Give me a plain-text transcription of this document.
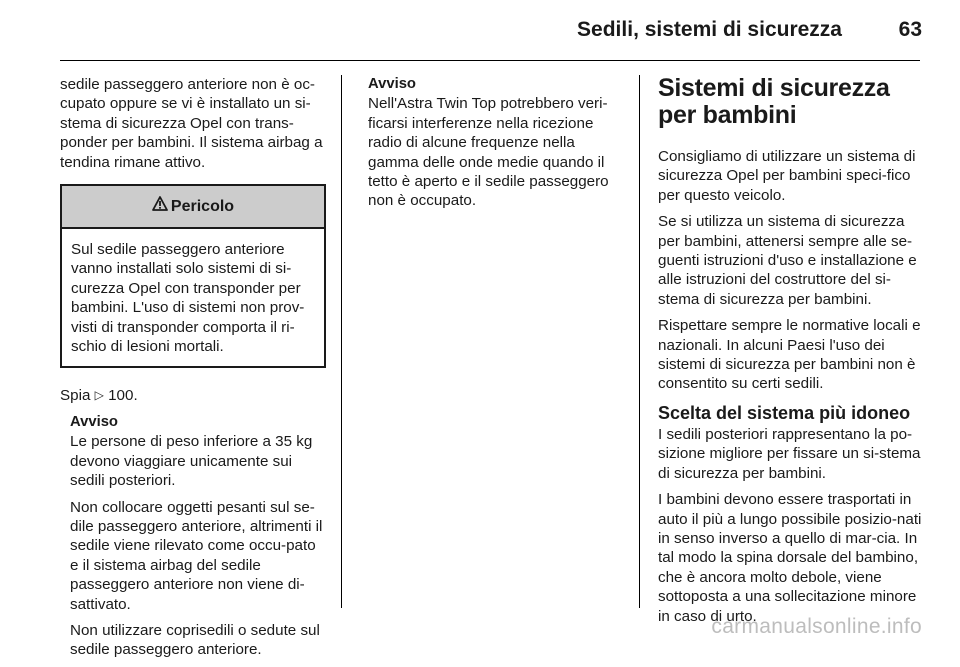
Sedili, sistemi di sicurezza	63

sedile passeggero anteriore non è oc-cupato oppure se vi è installato un si-stema di sicurezza Opel con trans-ponder per bambini. Il sistema airbag a tendina rimane attivo.

Pericolo
Sul sedile passeggero anteriore vanno installati solo sistemi di si-curezza Opel con transponder per bambini. L'uso di sistemi non prov-visti di transponder comporta il ri-schio di lesioni mortali.

Spia ▷ 100.

Avviso

Le persone di peso inferiore a 35 kg devono viaggiare unicamente sui sedili posteriori.

Non collocare oggetti pesanti sul se-dile passeggero anteriore, altrimenti il sedile viene rilevato come occu-pato e il sistema airbag del sedile passeggero anteriore non viene di-sattivato.

Non utilizzare coprisedili o sedute sul sedile passeggero anteriore.

Avviso

Nell'Astra Twin Top potrebbero veri-ficarsi interferenze nella ricezione radio di alcune frequenze nella gamma delle onde medie quando il tetto è aperto e il sedile passeggero non è occupato.

Sistemi di sicurezza per bambini

Consigliamo di utilizzare un sistema di sicurezza Opel per bambini speci-fico per questo veicolo.

Se si utilizza un sistema di sicurezza per bambini, attenersi sempre alle se-guenti istruzioni d'uso e installazione e alle istruzioni del costruttore del si-stema di sicurezza per bambini.

Rispettare sempre le normative locali e nazionali. In alcuni Paesi l'uso dei sistemi di sicurezza per bambini non è consentito su certi sedili.

Scelta del sistema più idoneo

I sedili posteriori rappresentano la po-sizione migliore per fissare un si-stema di sicurezza per bambini.

I bambini devono essere trasportati in auto il più a lungo possibile posizio-nati in senso inverso a quello di mar-cia. In tal modo la spina dorsale del bambino, che è ancora molto debole, viene sottoposta a una sollecitazione minore in caso di urto.

carmanualsonline.info
